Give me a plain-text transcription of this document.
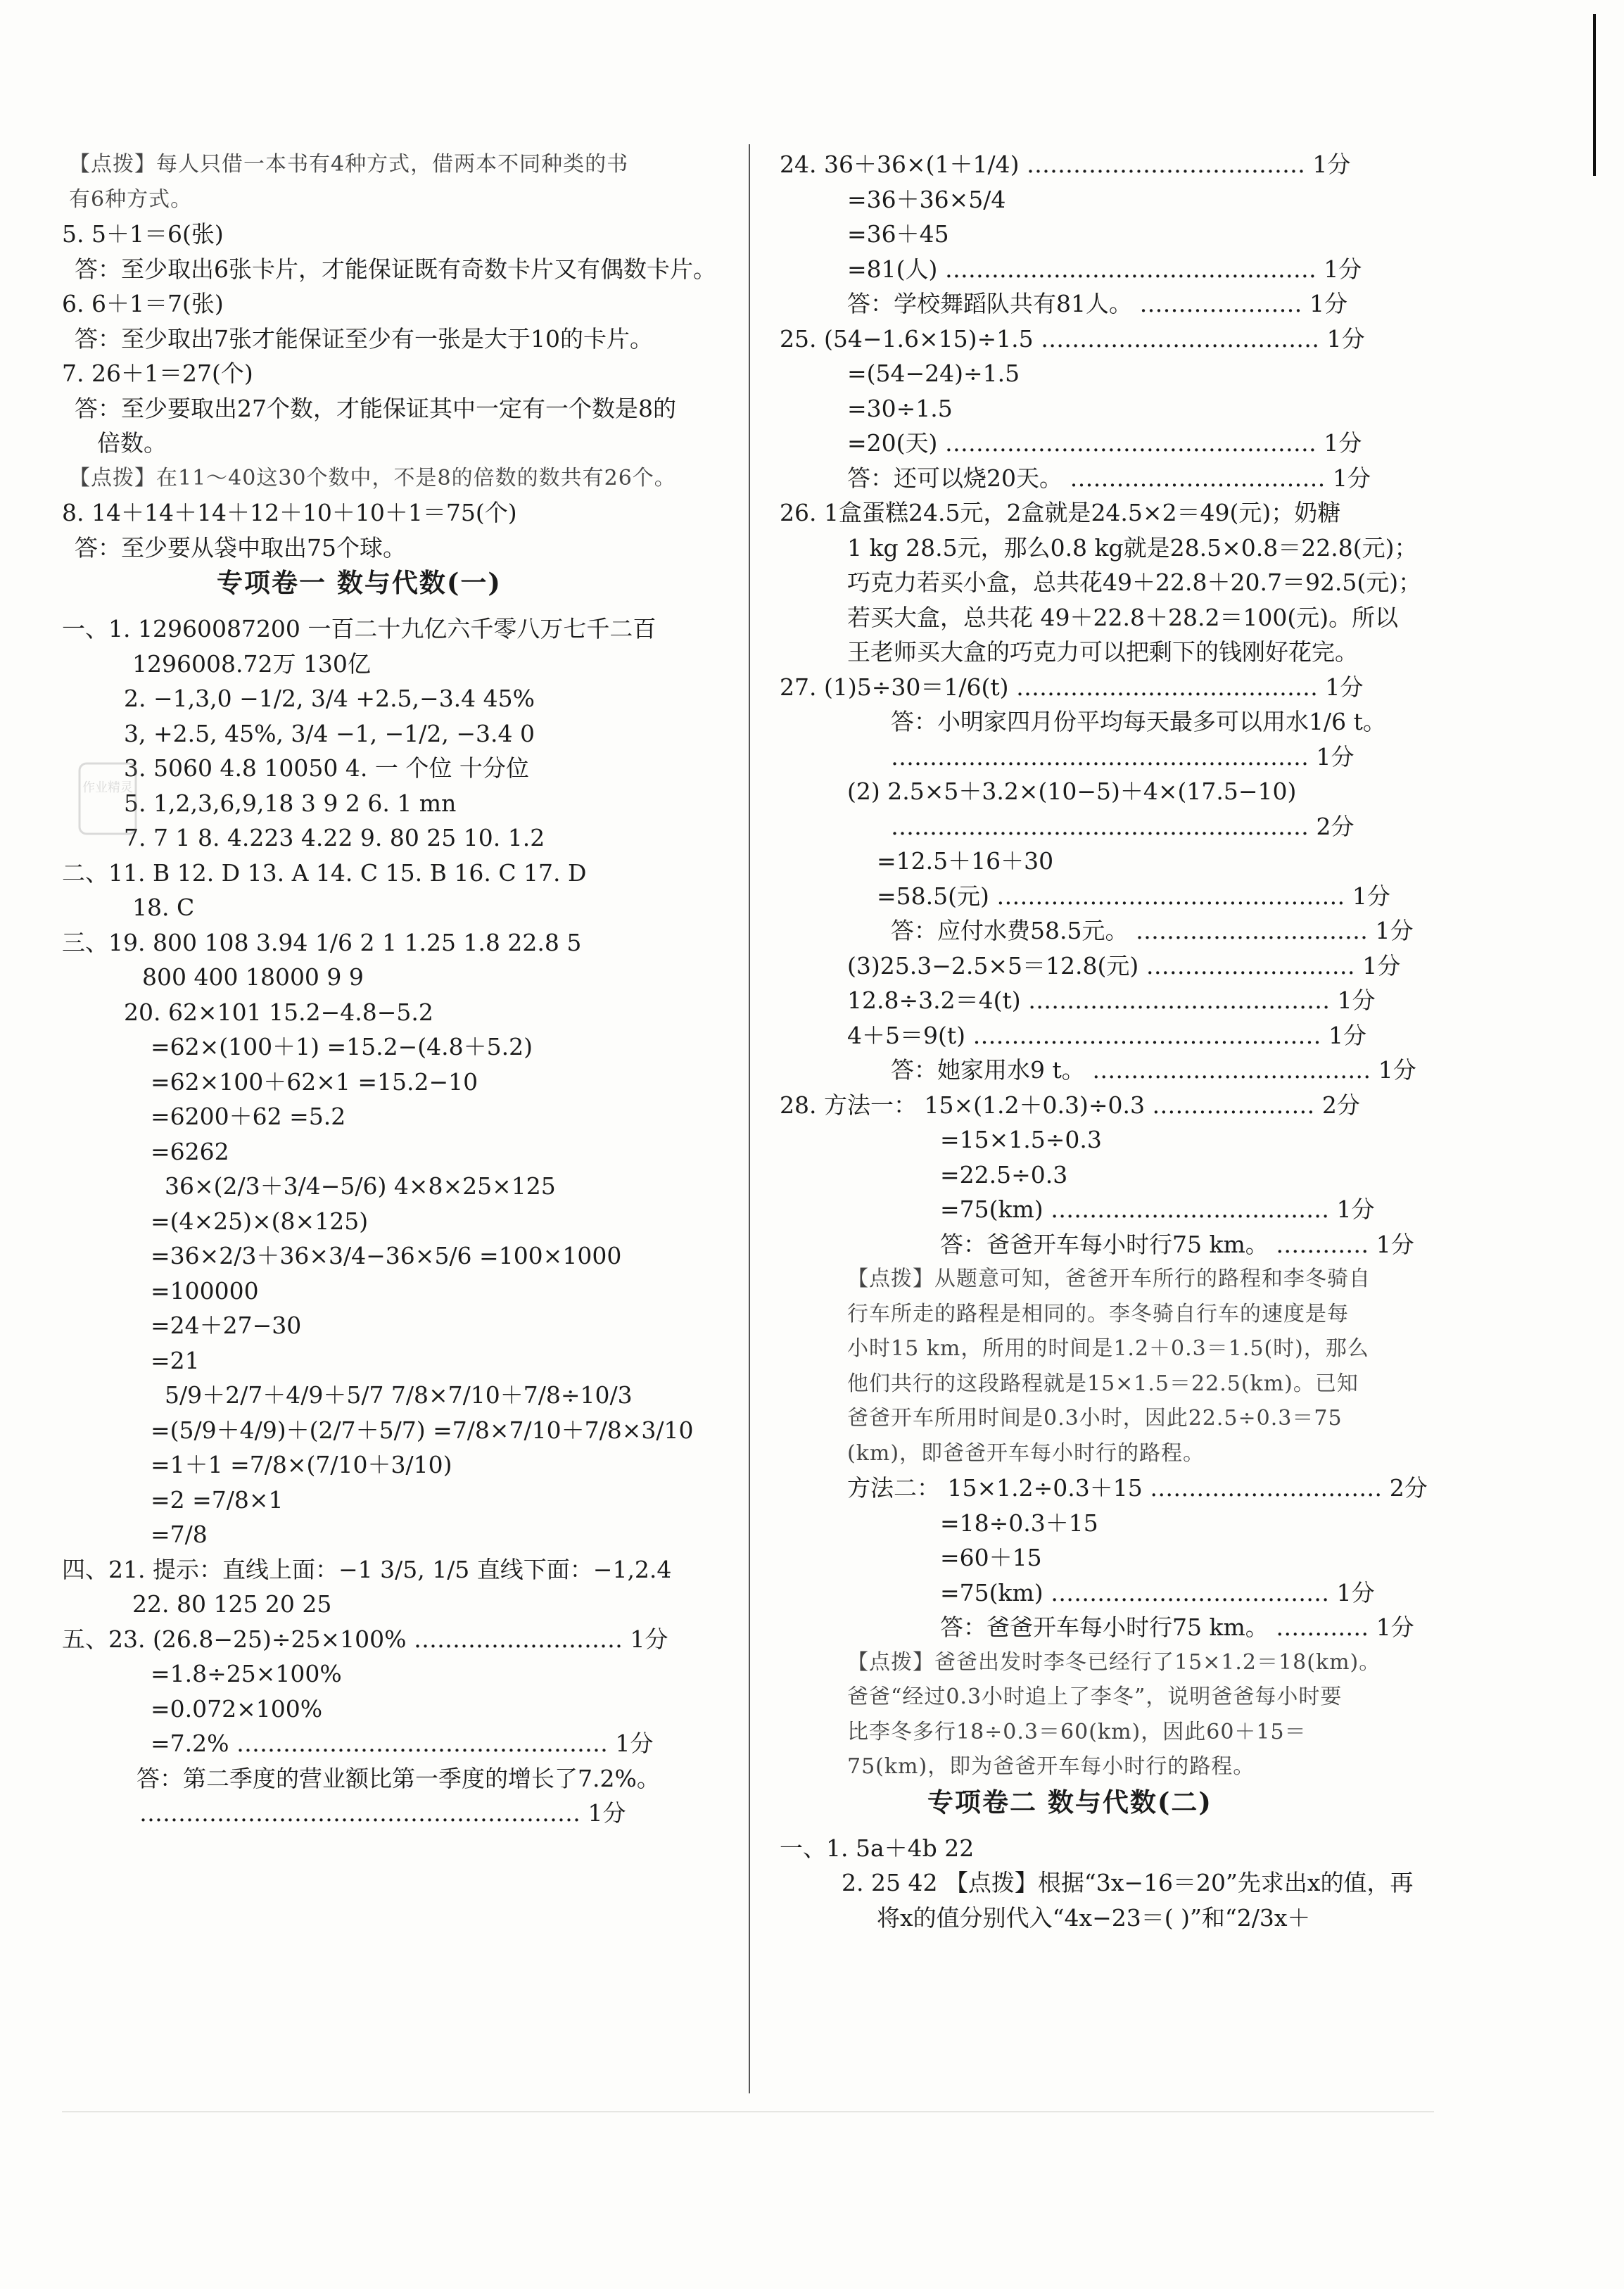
【点拨】每人只借一本书有4种方式，借两本不同种类的书
有6种方式。
5. 5＋1＝6(张)
答：至少取出6张卡片，才能保证既有奇数卡片又有偶数卡片。
6. 6＋1＝7(张)
答：至少取出7张才能保证至少有一张是大于10的卡片。
7. 26＋1＝27(个)
答：至少要取出27个数，才能保证其中一定有一个数是8的
倍数。
【点拨】在11～40这30个数中，不是8的倍数的数共有26个。
8. 14＋14＋14＋12＋10＋10＋1＝75(个)
答：至少要从袋中取出75个球。
专项卷一 数与代数(一)
一、1. 12960087200 一百二十九亿六千零八万七千二百
1296008.72万 130亿
2. −1,3,0 −1/2, 3/4 +2.5,−3.4 45%
3, +2.5, 45%, 3/4 −1, −1/2, −3.4 0
3. 5060 4.8 10050 4. 一 个位 十分位
5. 1,2,3,6,9,18 3 9 2 6. 1 mn
7. 7 1 8. 4.223 4.22 9. 80 25 10. 1.2
二、11. B 12. D 13. A 14. C 15. B 16. C 17. D
18. C
三、19. 800 108 3.94 1/6 2 1 1.25 1.8 22.8 5
800 400 18000 9 9
20. 62×101 15.2−4.8−5.2
=62×(100＋1) =15.2−(4.8＋5.2)
=62×100＋62×1 =15.2−10
=6200＋62 =5.2
=6262
36×(2/3＋3/4−5/6) 4×8×25×125
=(4×25)×(8×125)
=36×2/3＋36×3/4−36×5/6 =100×1000
=100000
=24＋27−30
=21
5/9＋2/7＋4/9＋5/7 7/8×7/10＋7/8÷10/3
=(5/9＋4/9)＋(2/7＋5/7) =7/8×7/10＋7/8×3/10
=1＋1 =7/8×(7/10＋3/10)
=2 =7/8×1
=7/8
四、21. 提示：直线上面：−1 3/5, 1/5 直线下面：−1,2.4
22. 80 125 20 25
五、23. (26.8−25)÷25×100% ……………………… 1分
=1.8÷25×100%
=0.072×100%
=7.2% ………………………………………… 1分
答：第二季度的营业额比第一季度的增长了7.2%。
………………………………………………… 1分
24. 36＋36×(1＋1/4) ……………………………… 1分
=36＋36×5/4
=36＋45
=81(人) ………………………………………… 1分
答：学校舞蹈队共有81人。 ………………… 1分
25. (54−1.6×15)÷1.5 ……………………………… 1分
=(54−24)÷1.5
=30÷1.5
=20(天) ………………………………………… 1分
答：还可以烧20天。 …………………………… 1分
26. 1盒蛋糕24.5元，2盒就是24.5×2＝49(元)；奶糖
1 kg 28.5元，那么0.8 kg就是28.5×0.8＝22.8(元)；
巧克力若买小盒，总共花49＋22.8＋20.7＝92.5(元)；
若买大盒，总共花 49＋22.8＋28.2＝100(元)。所以
王老师买大盒的巧克力可以把剩下的钱刚好花完。
27. (1)5÷30＝1/6(t) ………………………………… 1分
答：小明家四月份平均每天最多可以用水1/6 t。
……………………………………………… 1分
(2) 2.5×5＋3.2×(10−5)＋4×(17.5−10)
……………………………………………… 2分
=12.5＋16＋30
=58.5(元) ……………………………………… 1分
答：应付水费58.5元。 ………………………… 1分
(3)25.3−2.5×5＝12.8(元) ……………………… 1分
12.8÷3.2＝4(t) ………………………………… 1分
4＋5＝9(t) ……………………………………… 1分
答：她家用水9 t。 ……………………………… 1分
28. 方法一： 15×(1.2＋0.3)÷0.3 ………………… 2分
=15×1.5÷0.3
=22.5÷0.3
=75(km) ……………………………… 1分
答：爸爸开车每小时行75 km。 ………… 1分
【点拨】从题意可知，爸爸开车所行的路程和李冬骑自
行车所走的路程是相同的。李冬骑自行车的速度是每
小时15 km，所用的时间是1.2＋0.3＝1.5(时)，那么
他们共行的这段路程就是15×1.5＝22.5(km)。已知
爸爸开车所用时间是0.3小时，因此22.5÷0.3＝75
(km)，即爸爸开车每小时行的路程。
方法二： 15×1.2÷0.3＋15 ………………………… 2分
=18÷0.3＋15
=60＋15
=75(km) ……………………………… 1分
答：爸爸开车每小时行75 km。 ………… 1分
【点拨】爸爸出发时李冬已经行了15×1.2＝18(km)。
爸爸“经过0.3小时追上了李冬”，说明爸爸每小时要
比李冬多行18÷0.3＝60(km)，因此60＋15＝
75(km)，即为爸爸开车每小时行的路程。
专项卷二 数与代数(二)
一、1. 5a＋4b 22
2. 25 42 【点拨】根据“3x−16＝20”先求出x的值，再
将x的值分别代入“4x−23＝( )”和“2/3x＋
作业精灵
